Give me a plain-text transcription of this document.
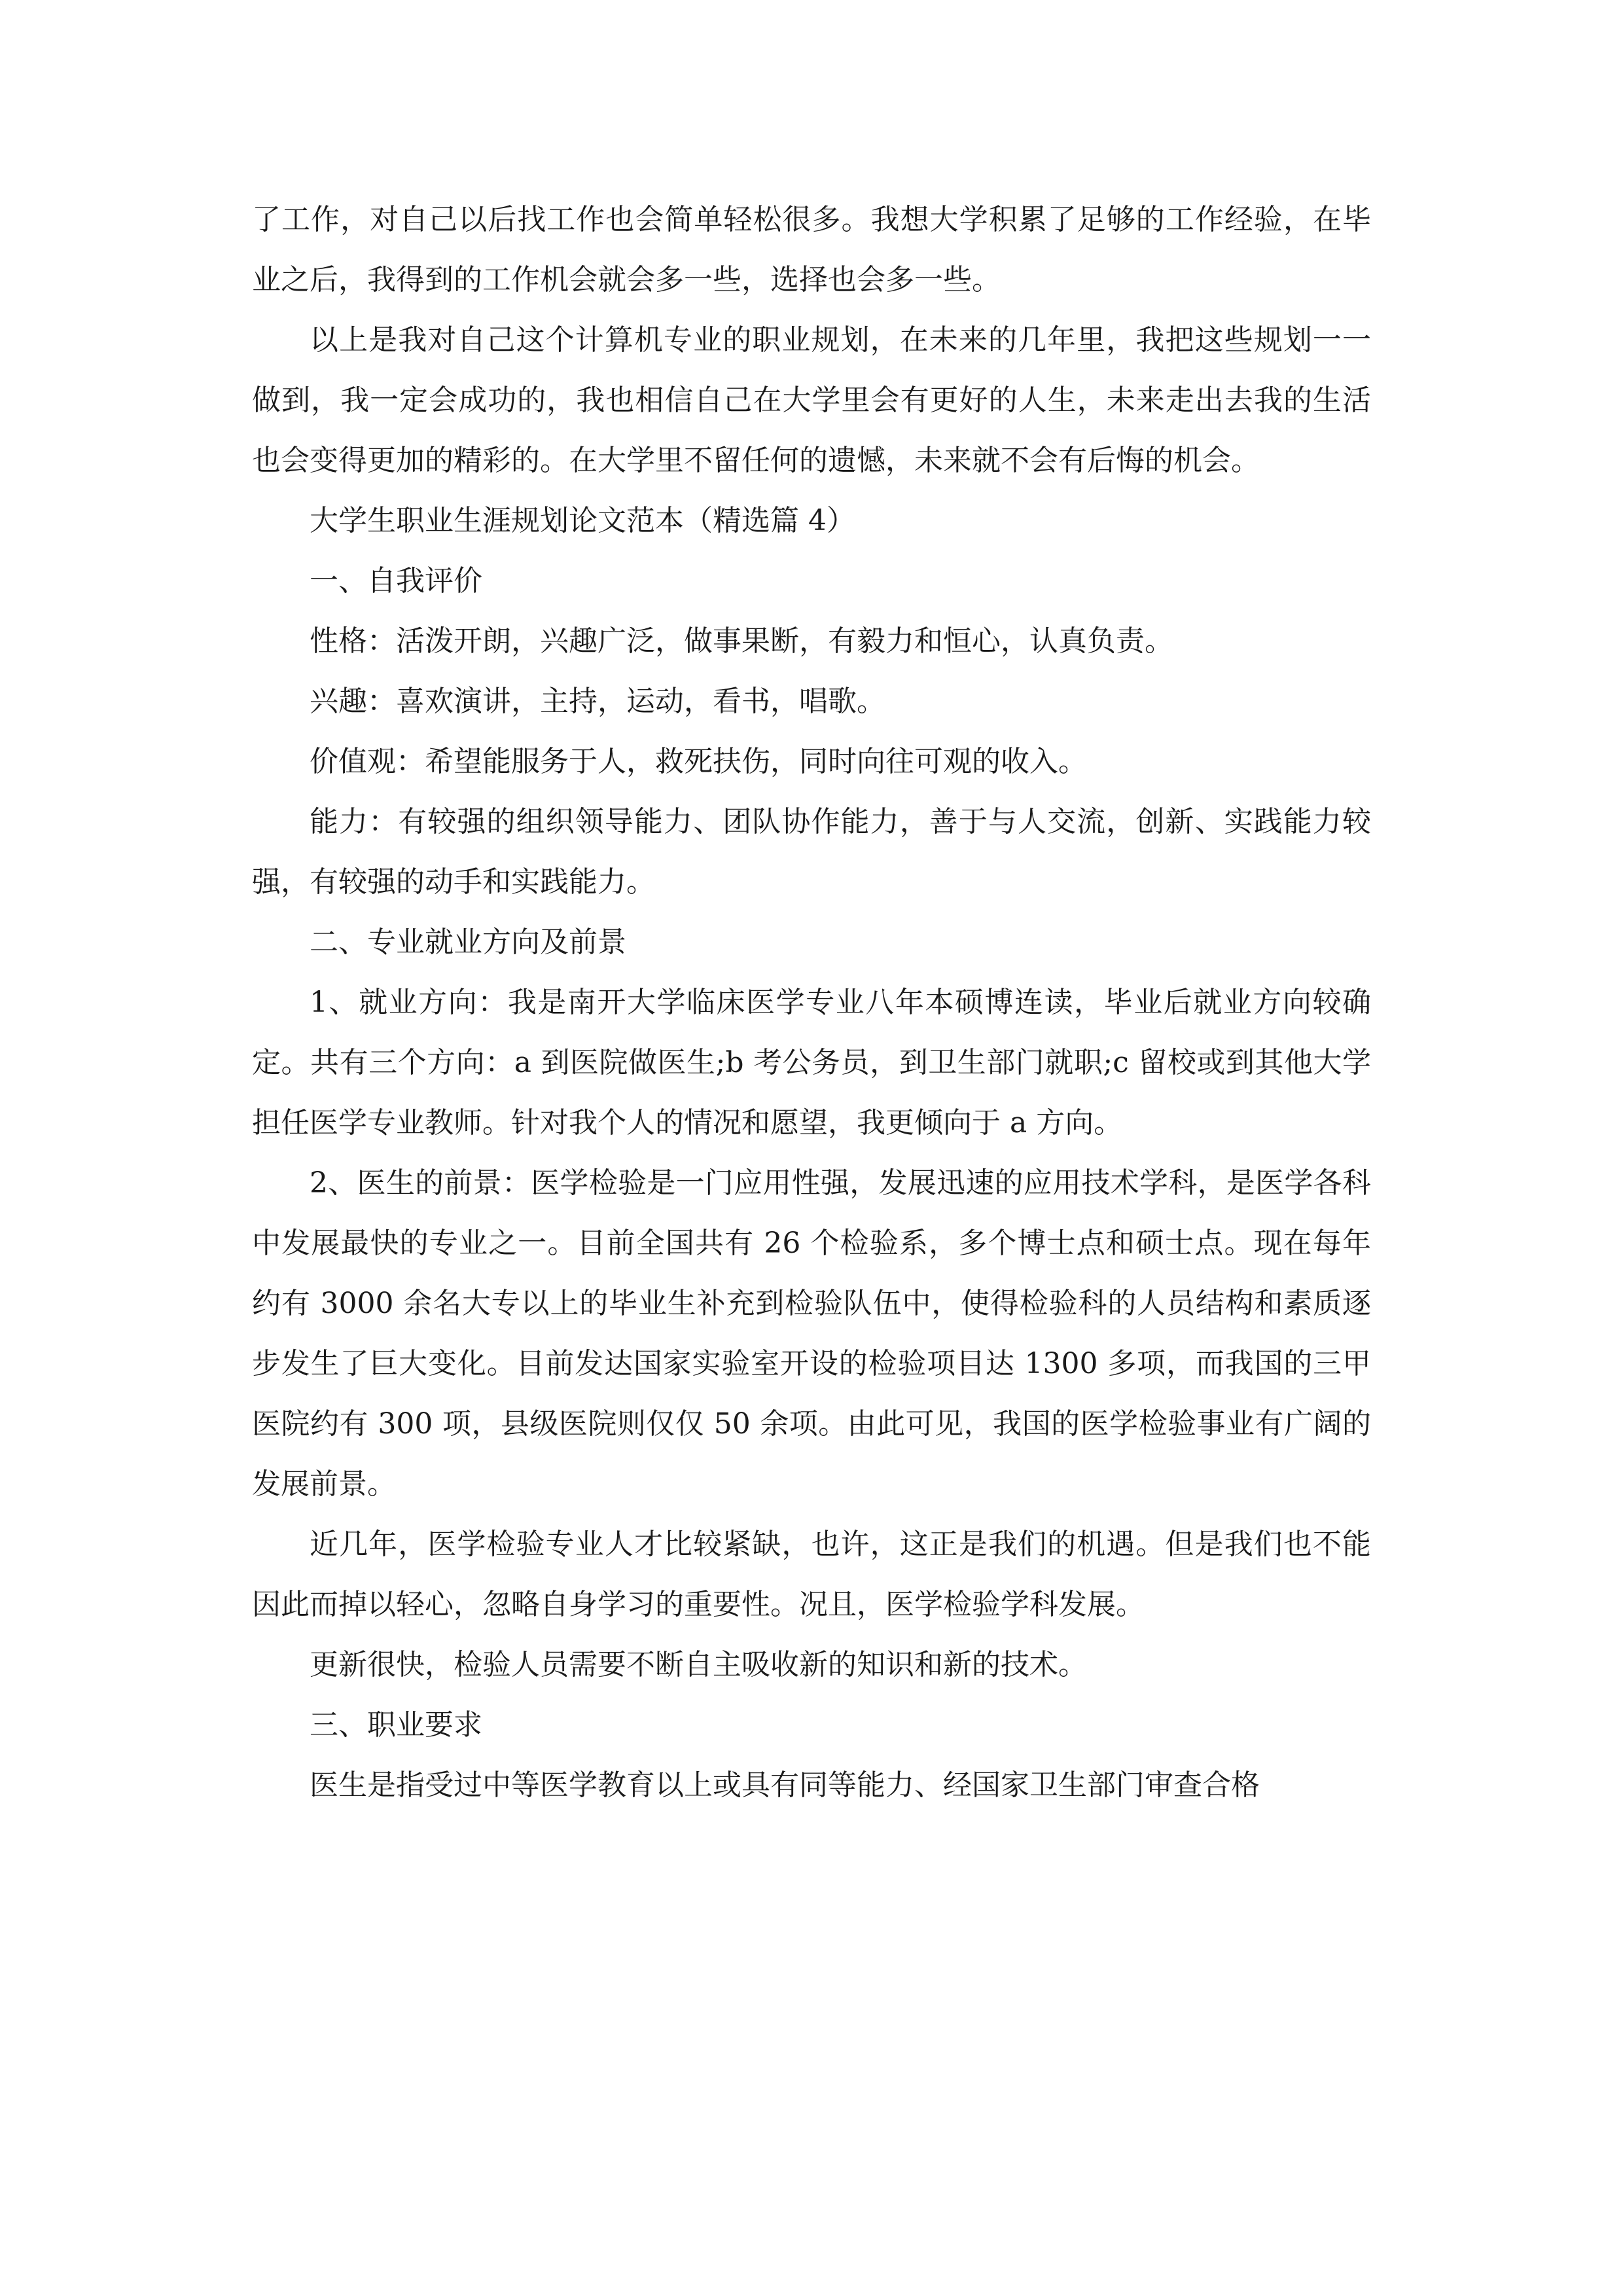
了工作，对自己以后找工作也会简单轻松很多。我想大学积累了足够的工作经验，在毕业之后，我得到的工作机会就会多一些，选择也会多一些。

以上是我对自己这个计算机专业的职业规划，在未来的几年里，我把这些规划一一做到，我一定会成功的，我也相信自己在大学里会有更好的人生，未来走出去我的生活也会变得更加的精彩的。在大学里不留任何的遗憾，未来就不会有后悔的机会。

大学生职业生涯规划论文范本（精选篇 4）

一、自我评价

性格：活泼开朗，兴趣广泛，做事果断，有毅力和恒心，认真负责。

兴趣：喜欢演讲，主持，运动，看书，唱歌。

价值观：希望能服务于人，救死扶伤，同时向往可观的收入。

能力：有较强的组织领导能力、团队协作能力，善于与人交流，创新、实践能力较强，有较强的动手和实践能力。

二、专业就业方向及前景

1、就业方向：我是南开大学临床医学专业八年本硕博连读，毕业后就业方向较确定。共有三个方向：a 到医院做医生;b 考公务员，到卫生部门就职;c 留校或到其他大学担任医学专业教师。针对我个人的情况和愿望，我更倾向于 a 方向。

2、医生的前景：医学检验是一门应用性强，发展迅速的应用技术学科，是医学各科中发展最快的专业之一。目前全国共有 26 个检验系，多个博士点和硕士点。现在每年约有 3000 余名大专以上的毕业生补充到检验队伍中，使得检验科的人员结构和素质逐步发生了巨大变化。目前发达国家实验室开设的检验项目达 1300 多项，而我国的三甲医院约有 300 项，县级医院则仅仅 50 余项。由此可见，我国的医学检验事业有广阔的发展前景。

近几年，医学检验专业人才比较紧缺，也许，这正是我们的机遇。但是我们也不能因此而掉以轻心，忽略自身学习的重要性。况且，医学检验学科发展。

更新很快，检验人员需要不断自主吸收新的知识和新的技术。

三、职业要求

医生是指受过中等医学教育以上或具有同等能力、经国家卫生部门审查合格
